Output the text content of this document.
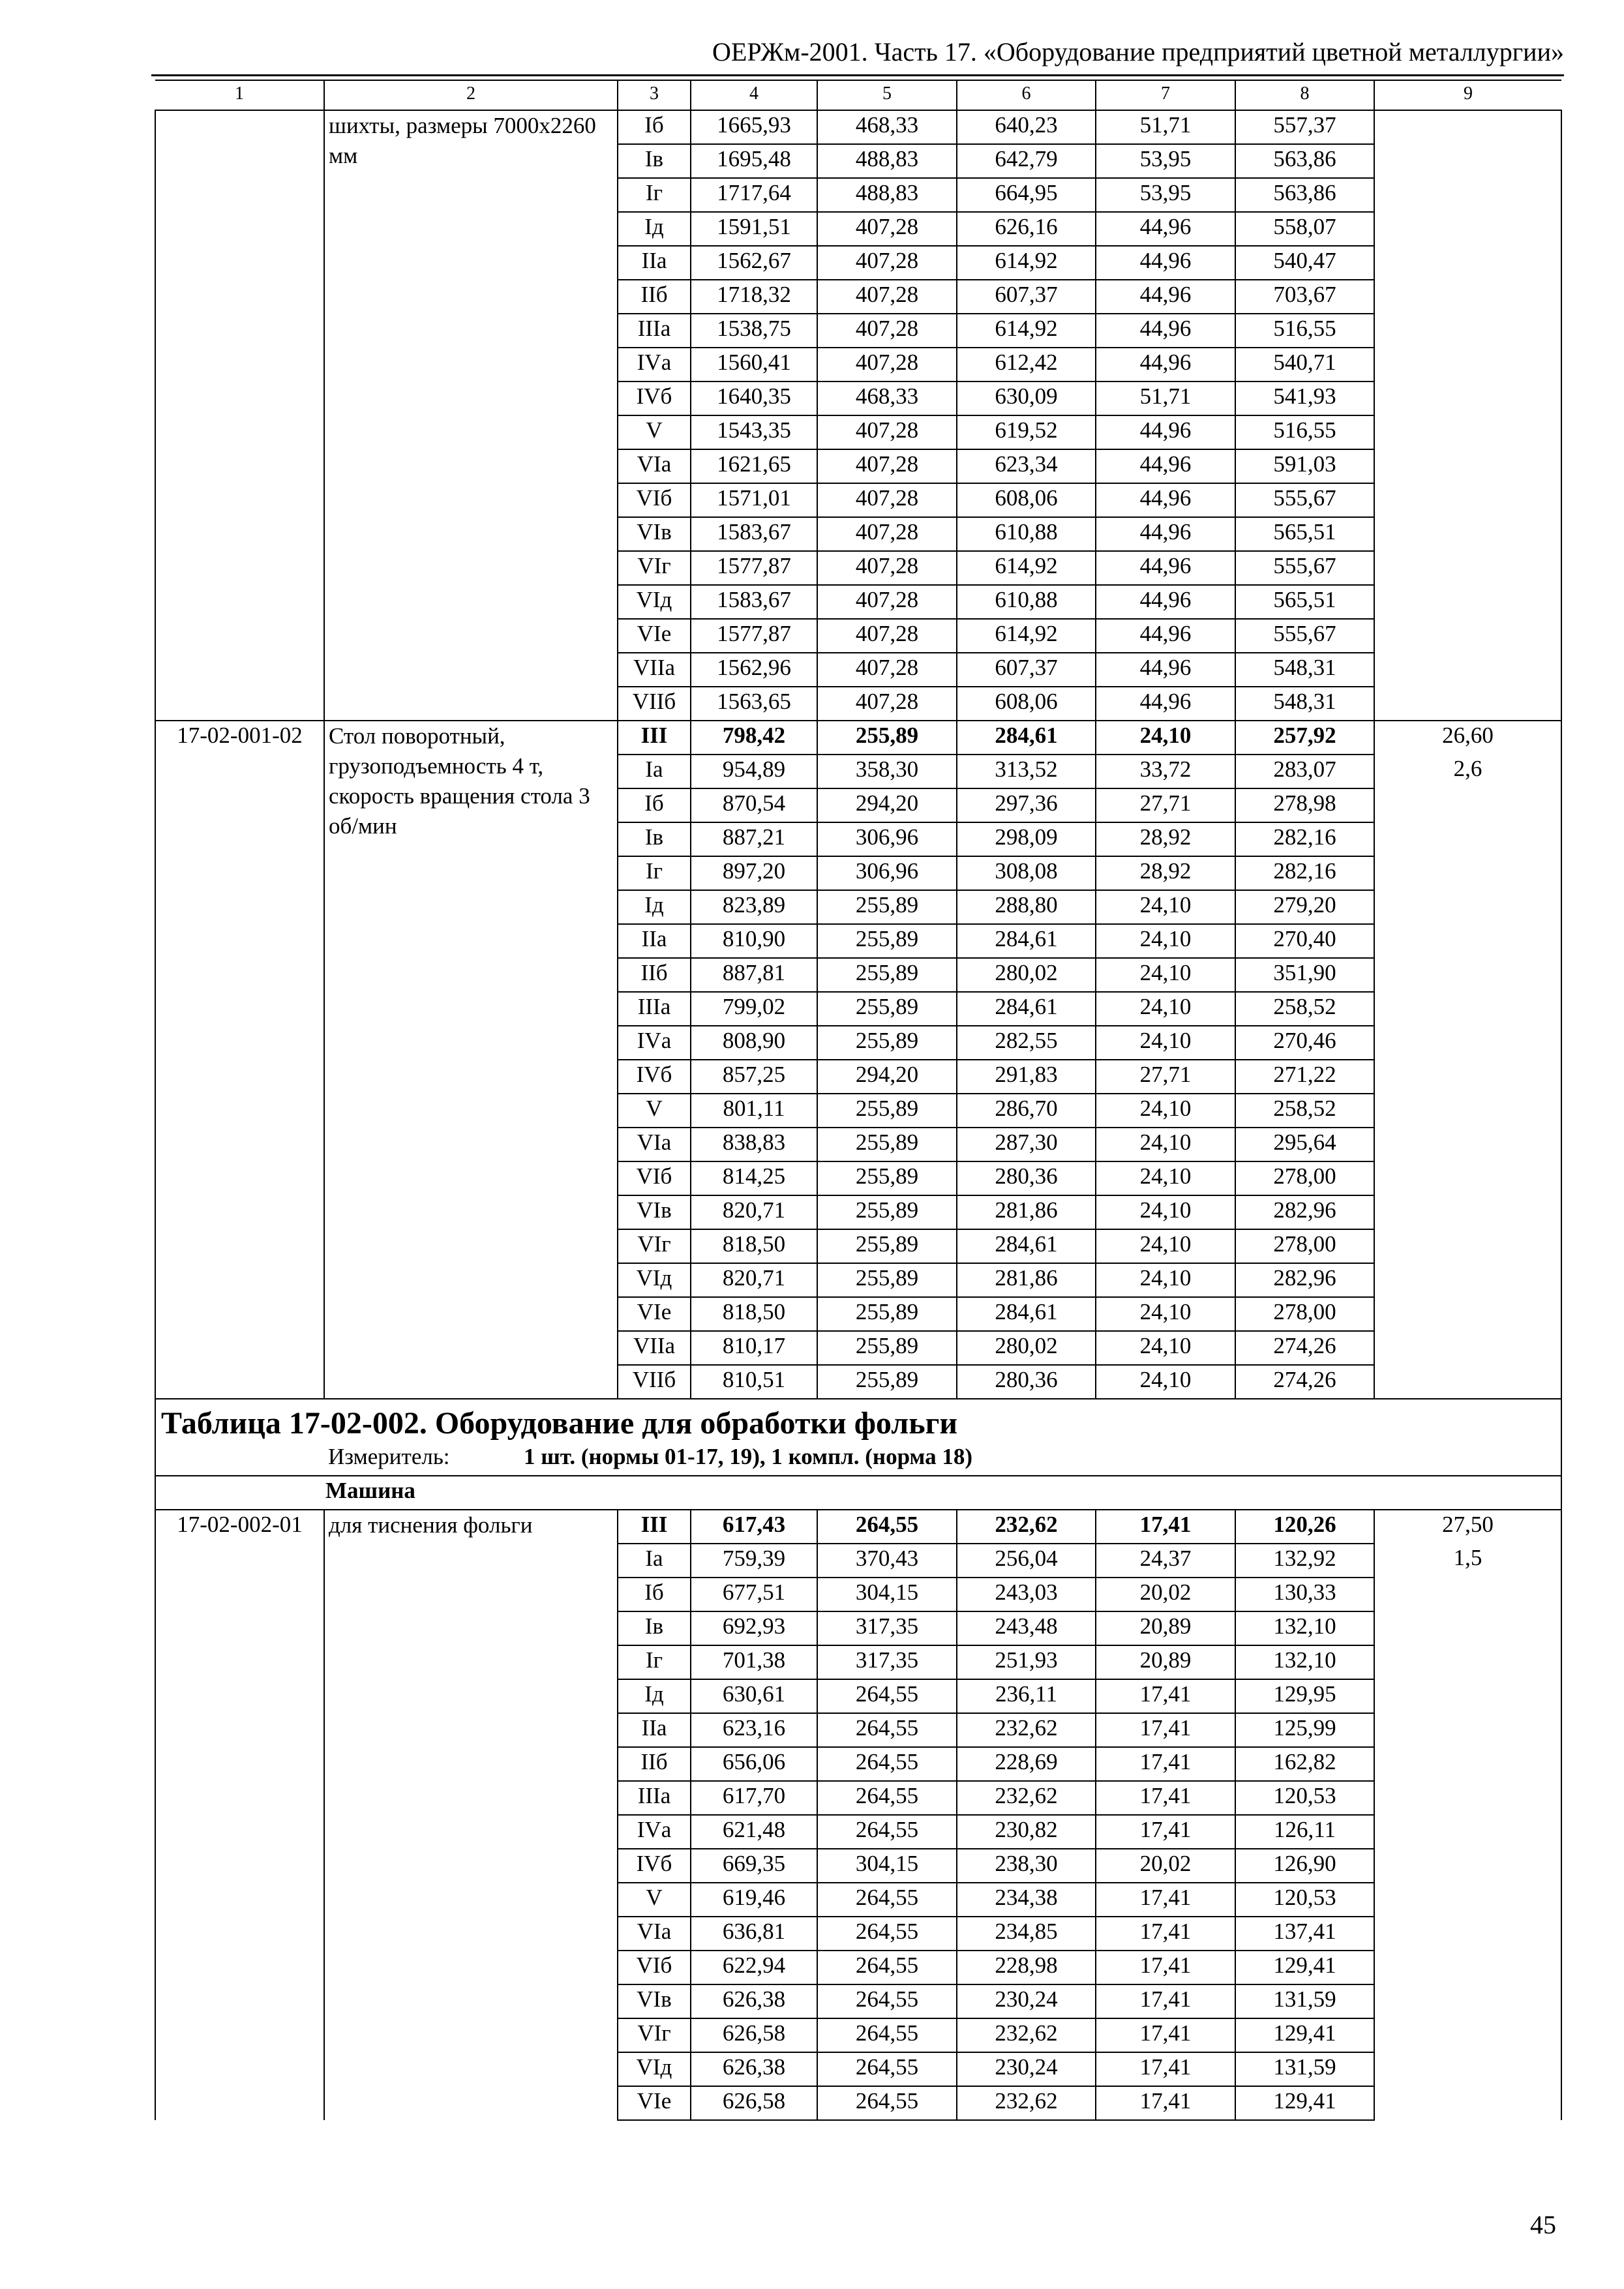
ОЕРЖм-2001. Часть 17. «Оборудование предприятий цветной металлургии»
1	2	3	4	5	6	7	8	9
	шихты, размеры 7000х2260 мм	Iб	1665,93	468,33	640,23	51,71	557,37	
		Iв	1695,48	488,83	642,79	53,95	563,86	
		Iг	1717,64	488,83	664,95	53,95	563,86	
		Iд	1591,51	407,28	626,16	44,96	558,07	
		IIа	1562,67	407,28	614,92	44,96	540,47	
		IIб	1718,32	407,28	607,37	44,96	703,67	
		IIIа	1538,75	407,28	614,92	44,96	516,55	
		IVа	1560,41	407,28	612,42	44,96	540,71	
		IVб	1640,35	468,33	630,09	51,71	541,93	
		V	1543,35	407,28	619,52	44,96	516,55	
		VIа	1621,65	407,28	623,34	44,96	591,03	
		VIб	1571,01	407,28	608,06	44,96	555,67	
		VIв	1583,67	407,28	610,88	44,96	565,51	
		VIг	1577,87	407,28	614,92	44,96	555,67	
		VIд	1583,67	407,28	610,88	44,96	565,51	
		VIе	1577,87	407,28	614,92	44,96	555,67	
		VIIа	1562,96	407,28	607,37	44,96	548,31	
		VIIб	1563,65	407,28	608,06	44,96	548,31	
17-02-001-02	Стол поворотный, грузоподъемность 4 т, скорость вращения стола 3 об/мин	III	798,42	255,89	284,61	24,10	257,92	26,60
		Iа	954,89	358,30	313,52	33,72	283,07	2,6
		Iб	870,54	294,20	297,36	27,71	278,98	
		Iв	887,21	306,96	298,09	28,92	282,16	
		Iг	897,20	306,96	308,08	28,92	282,16	
		Iд	823,89	255,89	288,80	24,10	279,20	
		IIа	810,90	255,89	284,61	24,10	270,40	
		IIб	887,81	255,89	280,02	24,10	351,90	
		IIIа	799,02	255,89	284,61	24,10	258,52	
		IVа	808,90	255,89	282,55	24,10	270,46	
		IVб	857,25	294,20	291,83	27,71	271,22	
		V	801,11	255,89	286,70	24,10	258,52	
		VIа	838,83	255,89	287,30	24,10	295,64	
		VIб	814,25	255,89	280,36	24,10	278,00	
		VIв	820,71	255,89	281,86	24,10	282,96	
		VIг	818,50	255,89	284,61	24,10	278,00	
		VIд	820,71	255,89	281,86	24,10	282,96	
		VIе	818,50	255,89	284,61	24,10	278,00	
		VIIа	810,17	255,89	280,02	24,10	274,26	
		VIIб	810,51	255,89	280,36	24,10	274,26	

Таблица 17-02-002. Оборудование для обработки фольги
Измеритель: 1 шт. (нормы 01-17, 19), 1 компл. (норма 18)								

Машина								
17-02-002-01	для тиснения фольги	III	617,43	264,55	232,62	17,41	120,26	27,50
		Iа	759,39	370,43	256,04	24,37	132,92	1,5
		Iб	677,51	304,15	243,03	20,02	130,33	
		Iв	692,93	317,35	243,48	20,89	132,10	
		Iг	701,38	317,35	251,93	20,89	132,10	
		Iд	630,61	264,55	236,11	17,41	129,95	
		IIа	623,16	264,55	232,62	17,41	125,99	
		IIб	656,06	264,55	228,69	17,41	162,82	
		IIIа	617,70	264,55	232,62	17,41	120,53	
		IVа	621,48	264,55	230,82	17,41	126,11	
		IVб	669,35	304,15	238,30	20,02	126,90	
		V	619,46	264,55	234,38	17,41	120,53	
		VIа	636,81	264,55	234,85	17,41	137,41	
		VIб	622,94	264,55	228,98	17,41	129,41	
		VIв	626,38	264,55	230,24	17,41	131,59	
		VIг	626,58	264,55	232,62	17,41	129,41	
		VIд	626,38	264,55	230,24	17,41	131,59	
		VIе	626,58	264,55	232,62	17,41	129,41	
45
